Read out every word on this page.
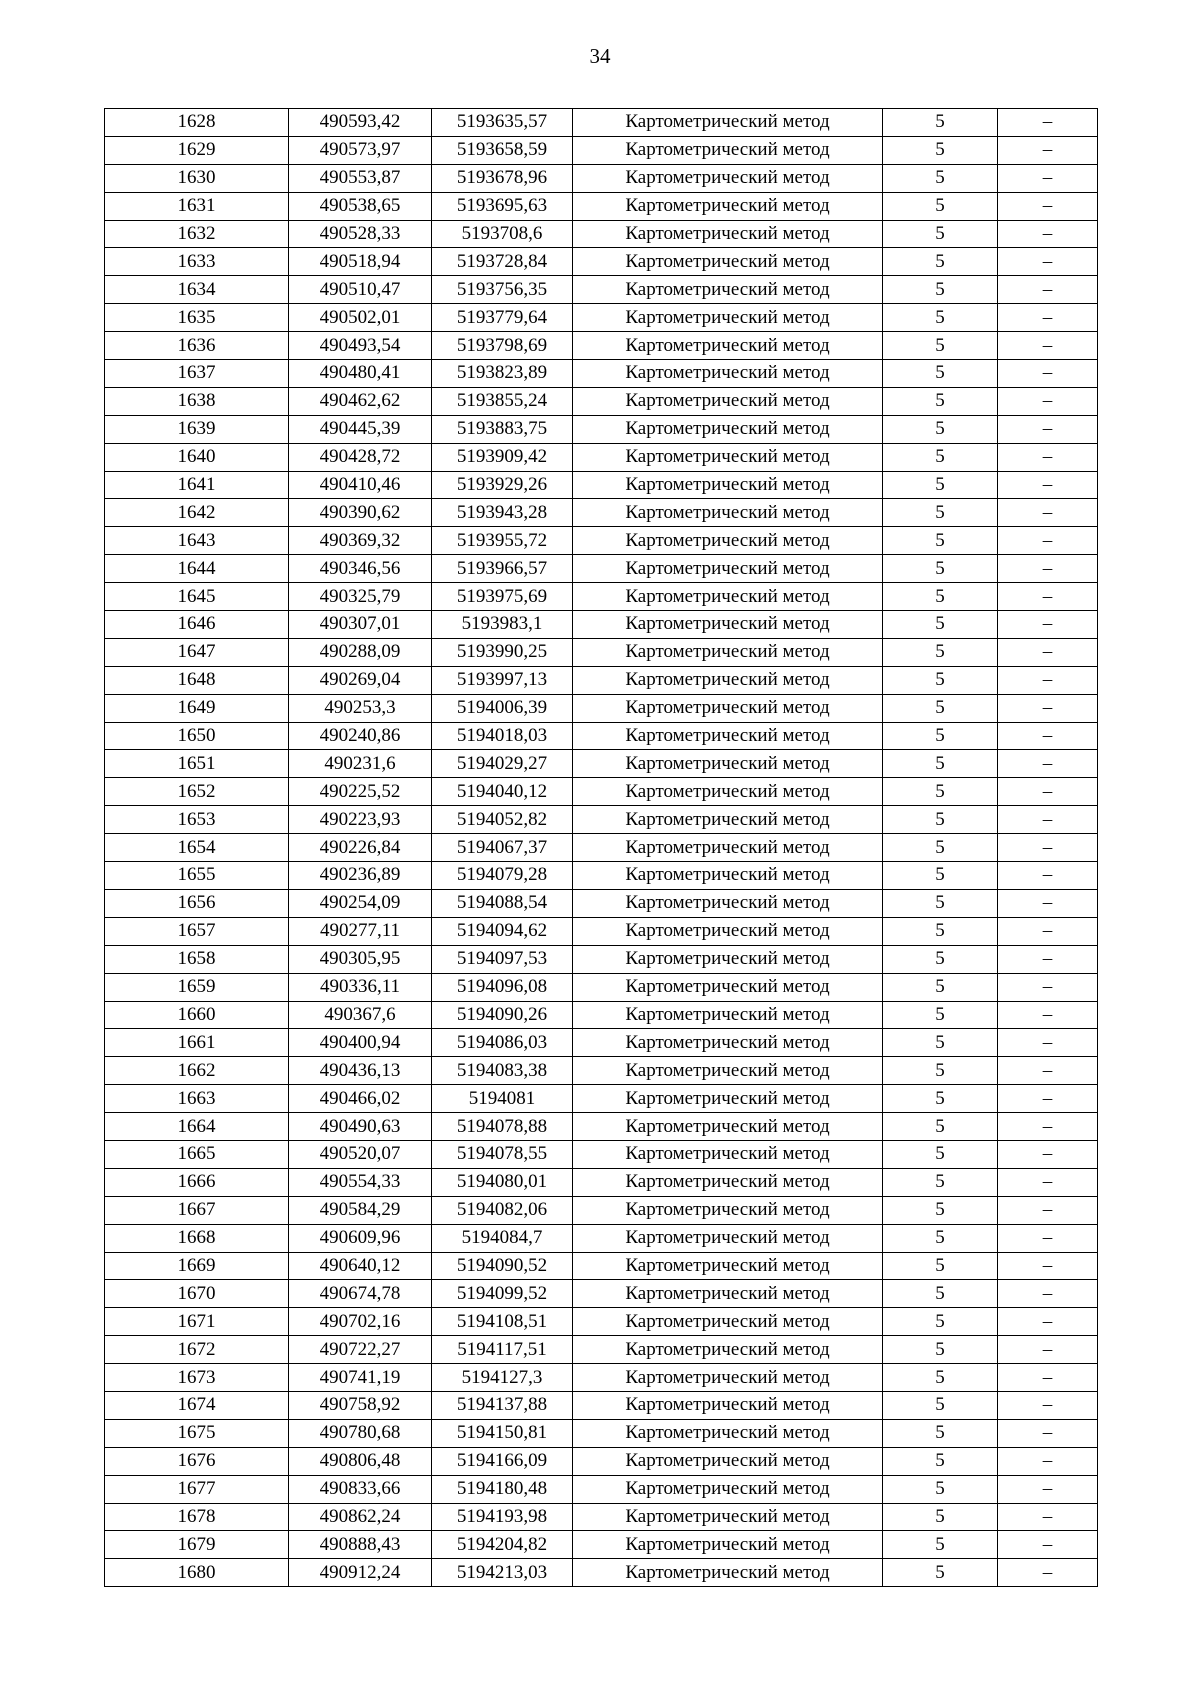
34
1628	490593,42	5193635,57	Картометрический метод	5	–
1629	490573,97	5193658,59	Картометрический метод	5	–
1630	490553,87	5193678,96	Картометрический метод	5	–
1631	490538,65	5193695,63	Картометрический метод	5	–
1632	490528,33	5193708,6	Картометрический метод	5	–
1633	490518,94	5193728,84	Картометрический метод	5	–
1634	490510,47	5193756,35	Картометрический метод	5	–
1635	490502,01	5193779,64	Картометрический метод	5	–
1636	490493,54	5193798,69	Картометрический метод	5	–
1637	490480,41	5193823,89	Картометрический метод	5	–
1638	490462,62	5193855,24	Картометрический метод	5	–
1639	490445,39	5193883,75	Картометрический метод	5	–
1640	490428,72	5193909,42	Картометрический метод	5	–
1641	490410,46	5193929,26	Картометрический метод	5	–
1642	490390,62	5193943,28	Картометрический метод	5	–
1643	490369,32	5193955,72	Картометрический метод	5	–
1644	490346,56	5193966,57	Картометрический метод	5	–
1645	490325,79	5193975,69	Картометрический метод	5	–
1646	490307,01	5193983,1	Картометрический метод	5	–
1647	490288,09	5193990,25	Картометрический метод	5	–
1648	490269,04	5193997,13	Картометрический метод	5	–
1649	490253,3	5194006,39	Картометрический метод	5	–
1650	490240,86	5194018,03	Картометрический метод	5	–
1651	490231,6	5194029,27	Картометрический метод	5	–
1652	490225,52	5194040,12	Картометрический метод	5	–
1653	490223,93	5194052,82	Картометрический метод	5	–
1654	490226,84	5194067,37	Картометрический метод	5	–
1655	490236,89	5194079,28	Картометрический метод	5	–
1656	490254,09	5194088,54	Картометрический метод	5	–
1657	490277,11	5194094,62	Картометрический метод	5	–
1658	490305,95	5194097,53	Картометрический метод	5	–
1659	490336,11	5194096,08	Картометрический метод	5	–
1660	490367,6	5194090,26	Картометрический метод	5	–
1661	490400,94	5194086,03	Картометрический метод	5	–
1662	490436,13	5194083,38	Картометрический метод	5	–
1663	490466,02	5194081	Картометрический метод	5	–
1664	490490,63	5194078,88	Картометрический метод	5	–
1665	490520,07	5194078,55	Картометрический метод	5	–
1666	490554,33	5194080,01	Картометрический метод	5	–
1667	490584,29	5194082,06	Картометрический метод	5	–
1668	490609,96	5194084,7	Картометрический метод	5	–
1669	490640,12	5194090,52	Картометрический метод	5	–
1670	490674,78	5194099,52	Картометрический метод	5	–
1671	490702,16	5194108,51	Картометрический метод	5	–
1672	490722,27	5194117,51	Картометрический метод	5	–
1673	490741,19	5194127,3	Картометрический метод	5	–
1674	490758,92	5194137,88	Картометрический метод	5	–
1675	490780,68	5194150,81	Картометрический метод	5	–
1676	490806,48	5194166,09	Картометрический метод	5	–
1677	490833,66	5194180,48	Картометрический метод	5	–
1678	490862,24	5194193,98	Картометрический метод	5	–
1679	490888,43	5194204,82	Картометрический метод	5	–
1680	490912,24	5194213,03	Картометрический метод	5	–
